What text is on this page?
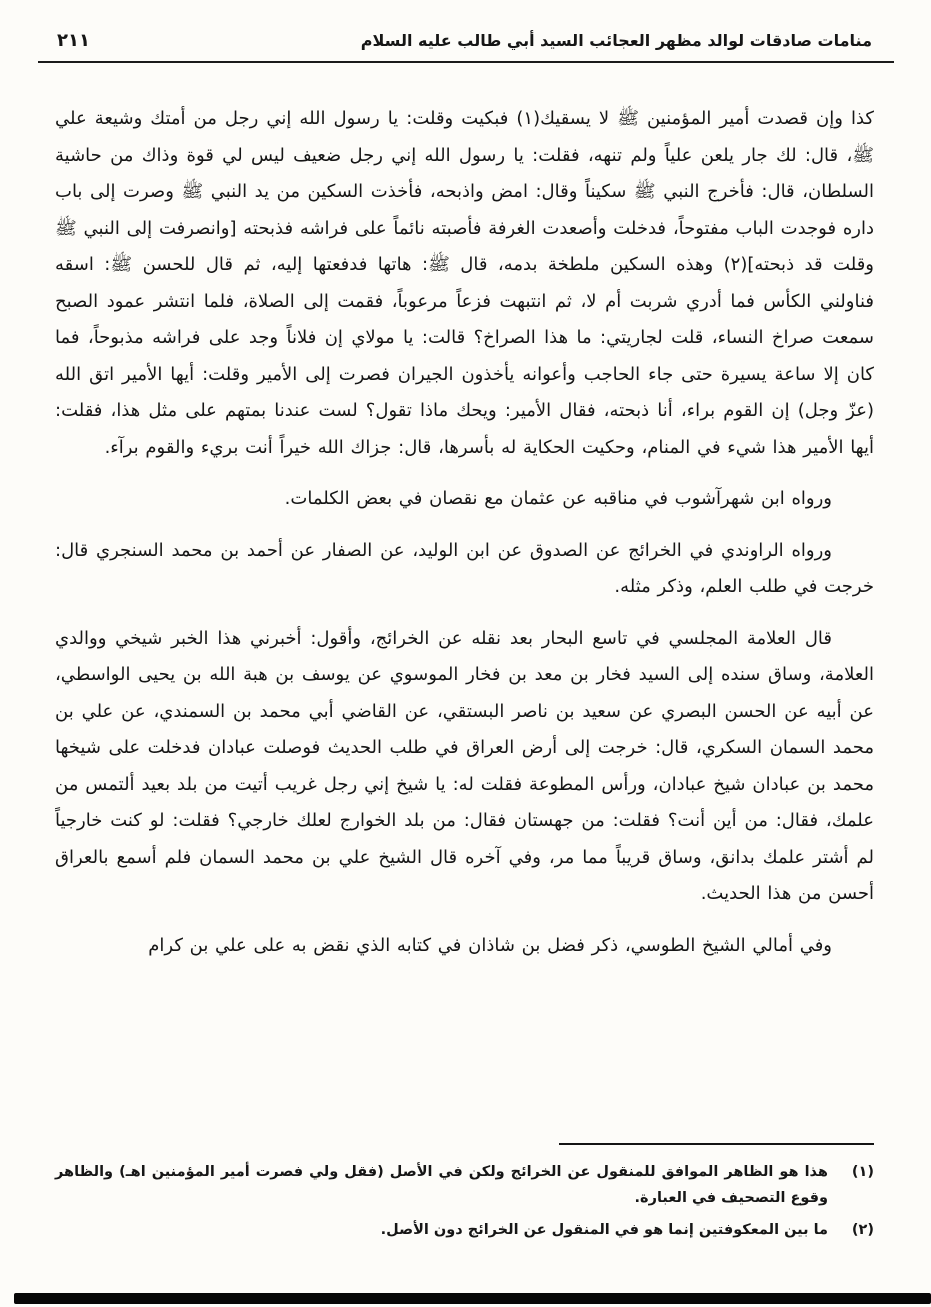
منامات صادقات لوالد مظهر العجائب السيد أبي طالب عليه السلام
٢١١

كذا وإن قصدت أمير المؤمنين ﷺ لا يسقيك(١) فبكيت وقلت: يا رسول الله إني رجل من أمتك وشيعة علي ﷺ، قال: لك جار يلعن علياً ولم تنهه، فقلت: يا رسول الله إني رجل ضعيف ليس لي قوة وذاك من حاشية السلطان، قال: فأخرج النبي ﷺ سكيناً وقال: امض واذبحه، فأخذت السكين من يد النبي ﷺ وصرت إلى باب داره فوجدت الباب مفتوحاً، فدخلت وأصعدت الغرفة فأصبته نائماً على فراشه فذبحته [وانصرفت إلى النبي ﷺ وقلت قد ذبحته](٢) وهذه السكين ملطخة بدمه، قال ﷺ: هاتها فدفعتها إليه، ثم قال للحسن ﷺ: اسقه فناولني الكأس فما أدري شربت أم لا، ثم انتبهت فزعاً مرعوباً، فقمت إلى الصلاة، فلما انتشر عمود الصبح سمعت صراخ النساء، قلت لجاريتي: ما هذا الصراخ؟ قالت: يا مولاي إن فلاناً وجد على فراشه مذبوحاً، فما كان إلا ساعة يسيرة حتى جاء الحاجب وأعوانه يأخذون الجيران فصرت إلى الأمير وقلت: أيها الأمير اتق الله (عزّ وجل) إن القوم براء، أنا ذبحته، فقال الأمير: ويحك ماذا تقول؟ لست عندنا بمتهم على مثل هذا، فقلت: أيها الأمير هذا شيء في المنام، وحكيت الحكاية له بأسرها، قال: جزاك الله خيراً أنت بريء والقوم برآء.

ورواه ابن شهرآشوب في مناقبه عن عثمان مع نقصان في بعض الكلمات.

ورواه الراوندي في الخرائج عن الصدوق عن ابن الوليد، عن الصفار عن أحمد بن محمد السنجري قال: خرجت في طلب العلم، وذكر مثله.

قال العلامة المجلسي في تاسع البحار بعد نقله عن الخرائج، وأقول: أخبرني هذا الخبر شيخي ووالدي العلامة، وساق سنده إلى السيد فخار بن معد بن فخار الموسوي عن يوسف بن هبة الله بن يحيى الواسطي، عن أبيه عن الحسن البصري عن سعيد بن ناصر البستقي، عن القاضي أبي محمد بن السمندي، عن علي بن محمد السمان السكري، قال: خرجت إلى أرض العراق في طلب الحديث فوصلت عبادان فدخلت على شيخها محمد بن عبادان شيخ عبادان، ورأس المطوعة فقلت له: يا شيخ إني رجل غريب أتيت من بلد بعيد ألتمس من علمك، فقال: من أين أنت؟ فقلت: من جهستان فقال: من بلد الخوارج لعلك خارجي؟ فقلت: لو كنت خارجياً لم أشتر علمك بدانق، وساق قريباً مما مر، وفي آخره قال الشيخ علي بن محمد السمان فلم أسمع بالعراق أحسن من هذا الحديث.

وفي أمالي الشيخ الطوسي، ذكر فضل بن شاذان في كتابه الذي نقض به على علي بن كرام

(١)
هذا هو الظاهر الموافق للمنقول عن الخرائج ولكن في الأصل (فقل ولي فصرت أمير المؤمنين اهـ) والظاهر وقوع التصحيف في العبارة.
(٢)
ما بين المعكوفتين إنما هو في المنقول عن الخرائج دون الأصل.
